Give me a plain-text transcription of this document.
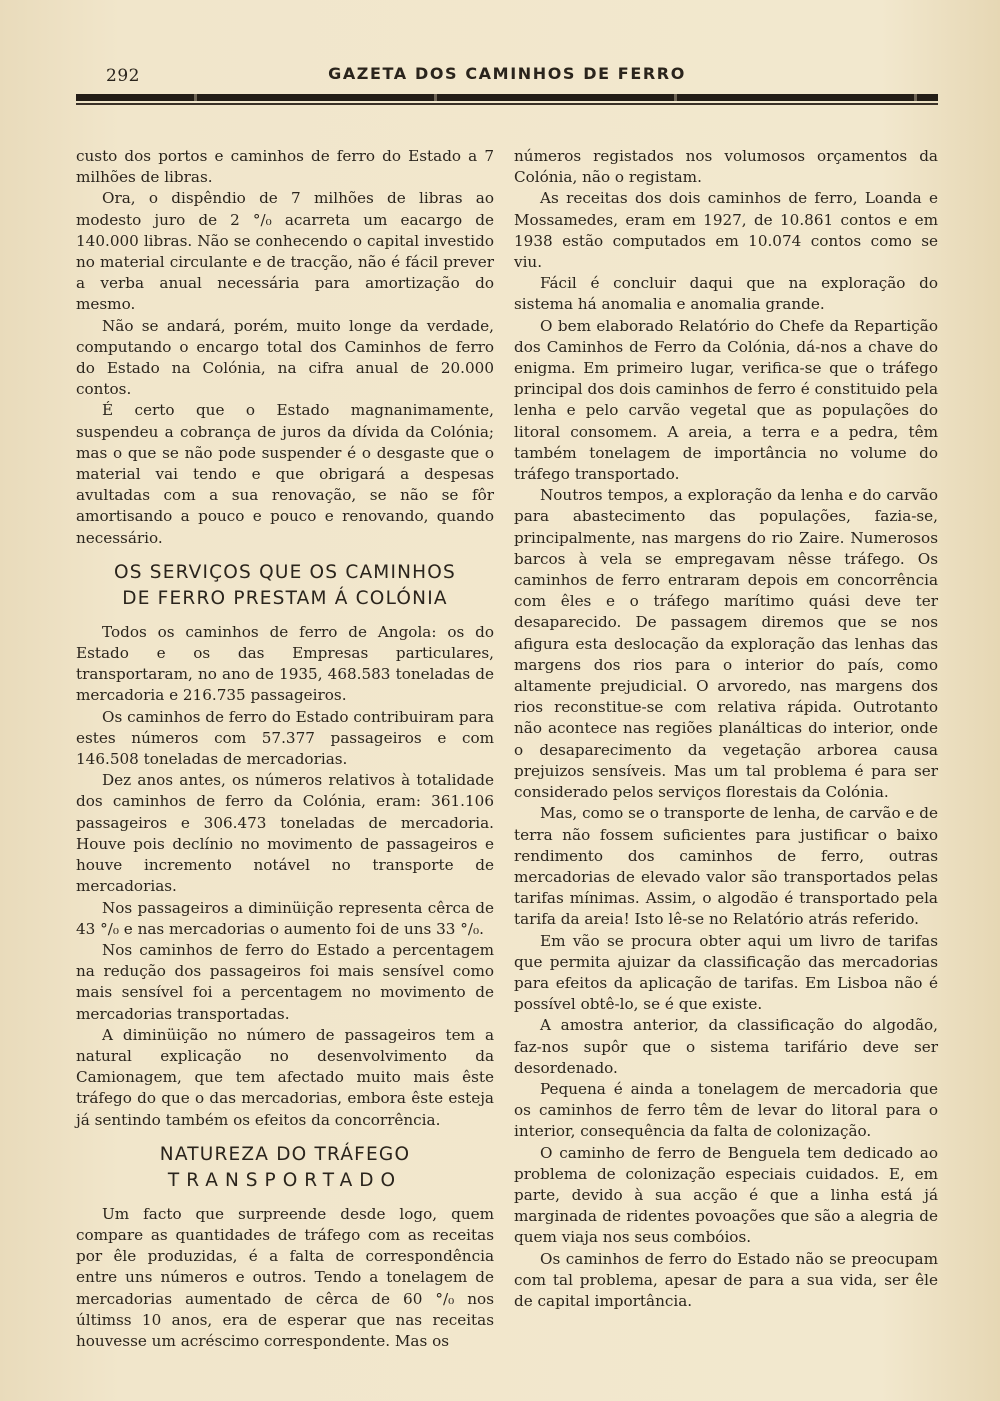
292	GAZETA DOS CAMINHOS DE FERRO

custo dos portos e caminhos de ferro do Estado a 7 milhões de libras.

Ora, o dispêndio de 7 milhões de libras ao modesto juro de 2 °/₀ acarreta um eacargo de 140.000 libras. Não se conhecendo o capital investido no material circulante e de tracção, não é fácil prever a verba anual necessária para amortização do mesmo.

Não se andará, porém, muito longe da verdade, computando o encargo total dos Caminhos de ferro do Estado na Colónia, na cifra anual de 20.000 contos.

É certo que o Estado magnanimamente, suspendeu a cobrança de juros da dívida da Colónia; mas o que se não pode suspender é o desgaste que o material vai tendo e que obrigará a despesas avultadas com a sua renovação, se não se fôr amortisando a pouco e pouco e renovando, quando necessário.

OS SERVIÇOS QUE OS CAMINHOS
DE FERRO PRESTAM Á COLÓNIA

Todos os caminhos de ferro de Angola: os do Estado e os das Empresas particulares, transportaram, no ano de 1935, 468.583 toneladas de mercadoria e 216.735 passageiros.

Os caminhos de ferro do Estado contribuiram para estes números com 57.377 passageiros e com 146.508 toneladas de mercadorias.

Dez anos antes, os números relativos à totalidade dos caminhos de ferro da Colónia, eram: 361.106 passageiros e 306.473 toneladas de mercadoria. Houve pois declínio no movimento de passageiros e houve incremento notável no transporte de mercadorias.

Nos passageiros a diminüição representa cêrca de 43 °/₀ e nas mercadorias o aumento foi de uns 33 °/₀.

Nos caminhos de ferro do Estado a percentagem na redução dos passageiros foi mais sensível como mais sensível foi a percentagem no movimento de mercadorias transportadas.

A diminüição no número de passageiros tem a natural explicação no desenvolvimento da Camionagem, que tem afectado muito mais êste tráfego do que o das mercadorias, embora êste esteja já sentindo também os efeitos da concorrência.

NATUREZA DO TRÁFEGO
TRANSPORTADO

Um facto que surpreende desde logo, quem compare as quantidades de tráfego com as receitas por êle produzidas, é a falta de correspondência entre uns números e outros. Tendo a tonelagem de mercadorias aumentado de cêrca de 60 °/₀ nos últimss 10 anos, era de esperar que nas receitas houvesse um acréscimo correspondente. Mas os

números registados nos volumosos orçamentos da Colónia, não o registam.

As receitas dos dois caminhos de ferro, Loanda e Mossamedes, eram em 1927, de 10.861 contos e em 1938 estão computados em 10.074 contos como se viu.

Fácil é concluir daqui que na exploração do sistema há anomalia e anomalia grande.

O bem elaborado Relatório do Chefe da Repartição dos Caminhos de Ferro da Colónia, dá-nos a chave do enigma. Em primeiro lugar, verifica-se que o tráfego principal dos dois caminhos de ferro é constituido pela lenha e pelo carvão vegetal que as populações do litoral consomem. A areia, a terra e a pedra, têm também tonelagem de importância no volume do tráfego transportado.

Noutros tempos, a exploração da lenha e do carvão para abastecimento das populações, fazia-se, principalmente, nas margens do rio Zaire. Numerosos barcos à vela se empregavam nêsse tráfego. Os caminhos de ferro entraram depois em concorrência com êles e o tráfego marítimo quási deve ter desaparecido. De passagem diremos que se nos afigura esta deslocação da exploração das lenhas das margens dos rios para o interior do país, como altamente prejudicial. O arvoredo, nas margens dos rios reconstitue-se com relativa rápida. Outrotanto não acontece nas regiões planálticas do interior, onde o desaparecimento da vegetação arborea causa prejuizos sensíveis. Mas um tal problema é para ser considerado pelos serviços florestais da Colónia.

Mas, como se o transporte de lenha, de carvão e de terra não fossem suficientes para justificar o baixo rendimento dos caminhos de ferro, outras mercadorias de elevado valor são transportados pelas tarifas mínimas. Assim, o algodão é transportado pela tarifa da areia! Isto lê-se no Relatório atrás referido.

Em vão se procura obter aqui um livro de tarifas que permita ajuizar da classificação das mercadorias para efeitos da aplicação de tarifas. Em Lisboa não é possível obtê-lo, se é que existe.

A amostra anterior, da classificação do algodão, faz-nos supôr que o sistema tarifário deve ser desordenado.

Pequena é ainda a tonelagem de mercadoria que os caminhos de ferro têm de levar do litoral para o interior, consequência da falta de colonização.

O caminho de ferro de Benguela tem dedicado ao problema de colonização especiais cuidados. E, em parte, devido à sua acção é que a linha está já marginada de ridentes povoações que são a alegria de quem viaja nos seus combóios.

Os caminhos de ferro do Estado não se preocupam com tal problema, apesar de para a sua vida, ser êle de capital importância.
